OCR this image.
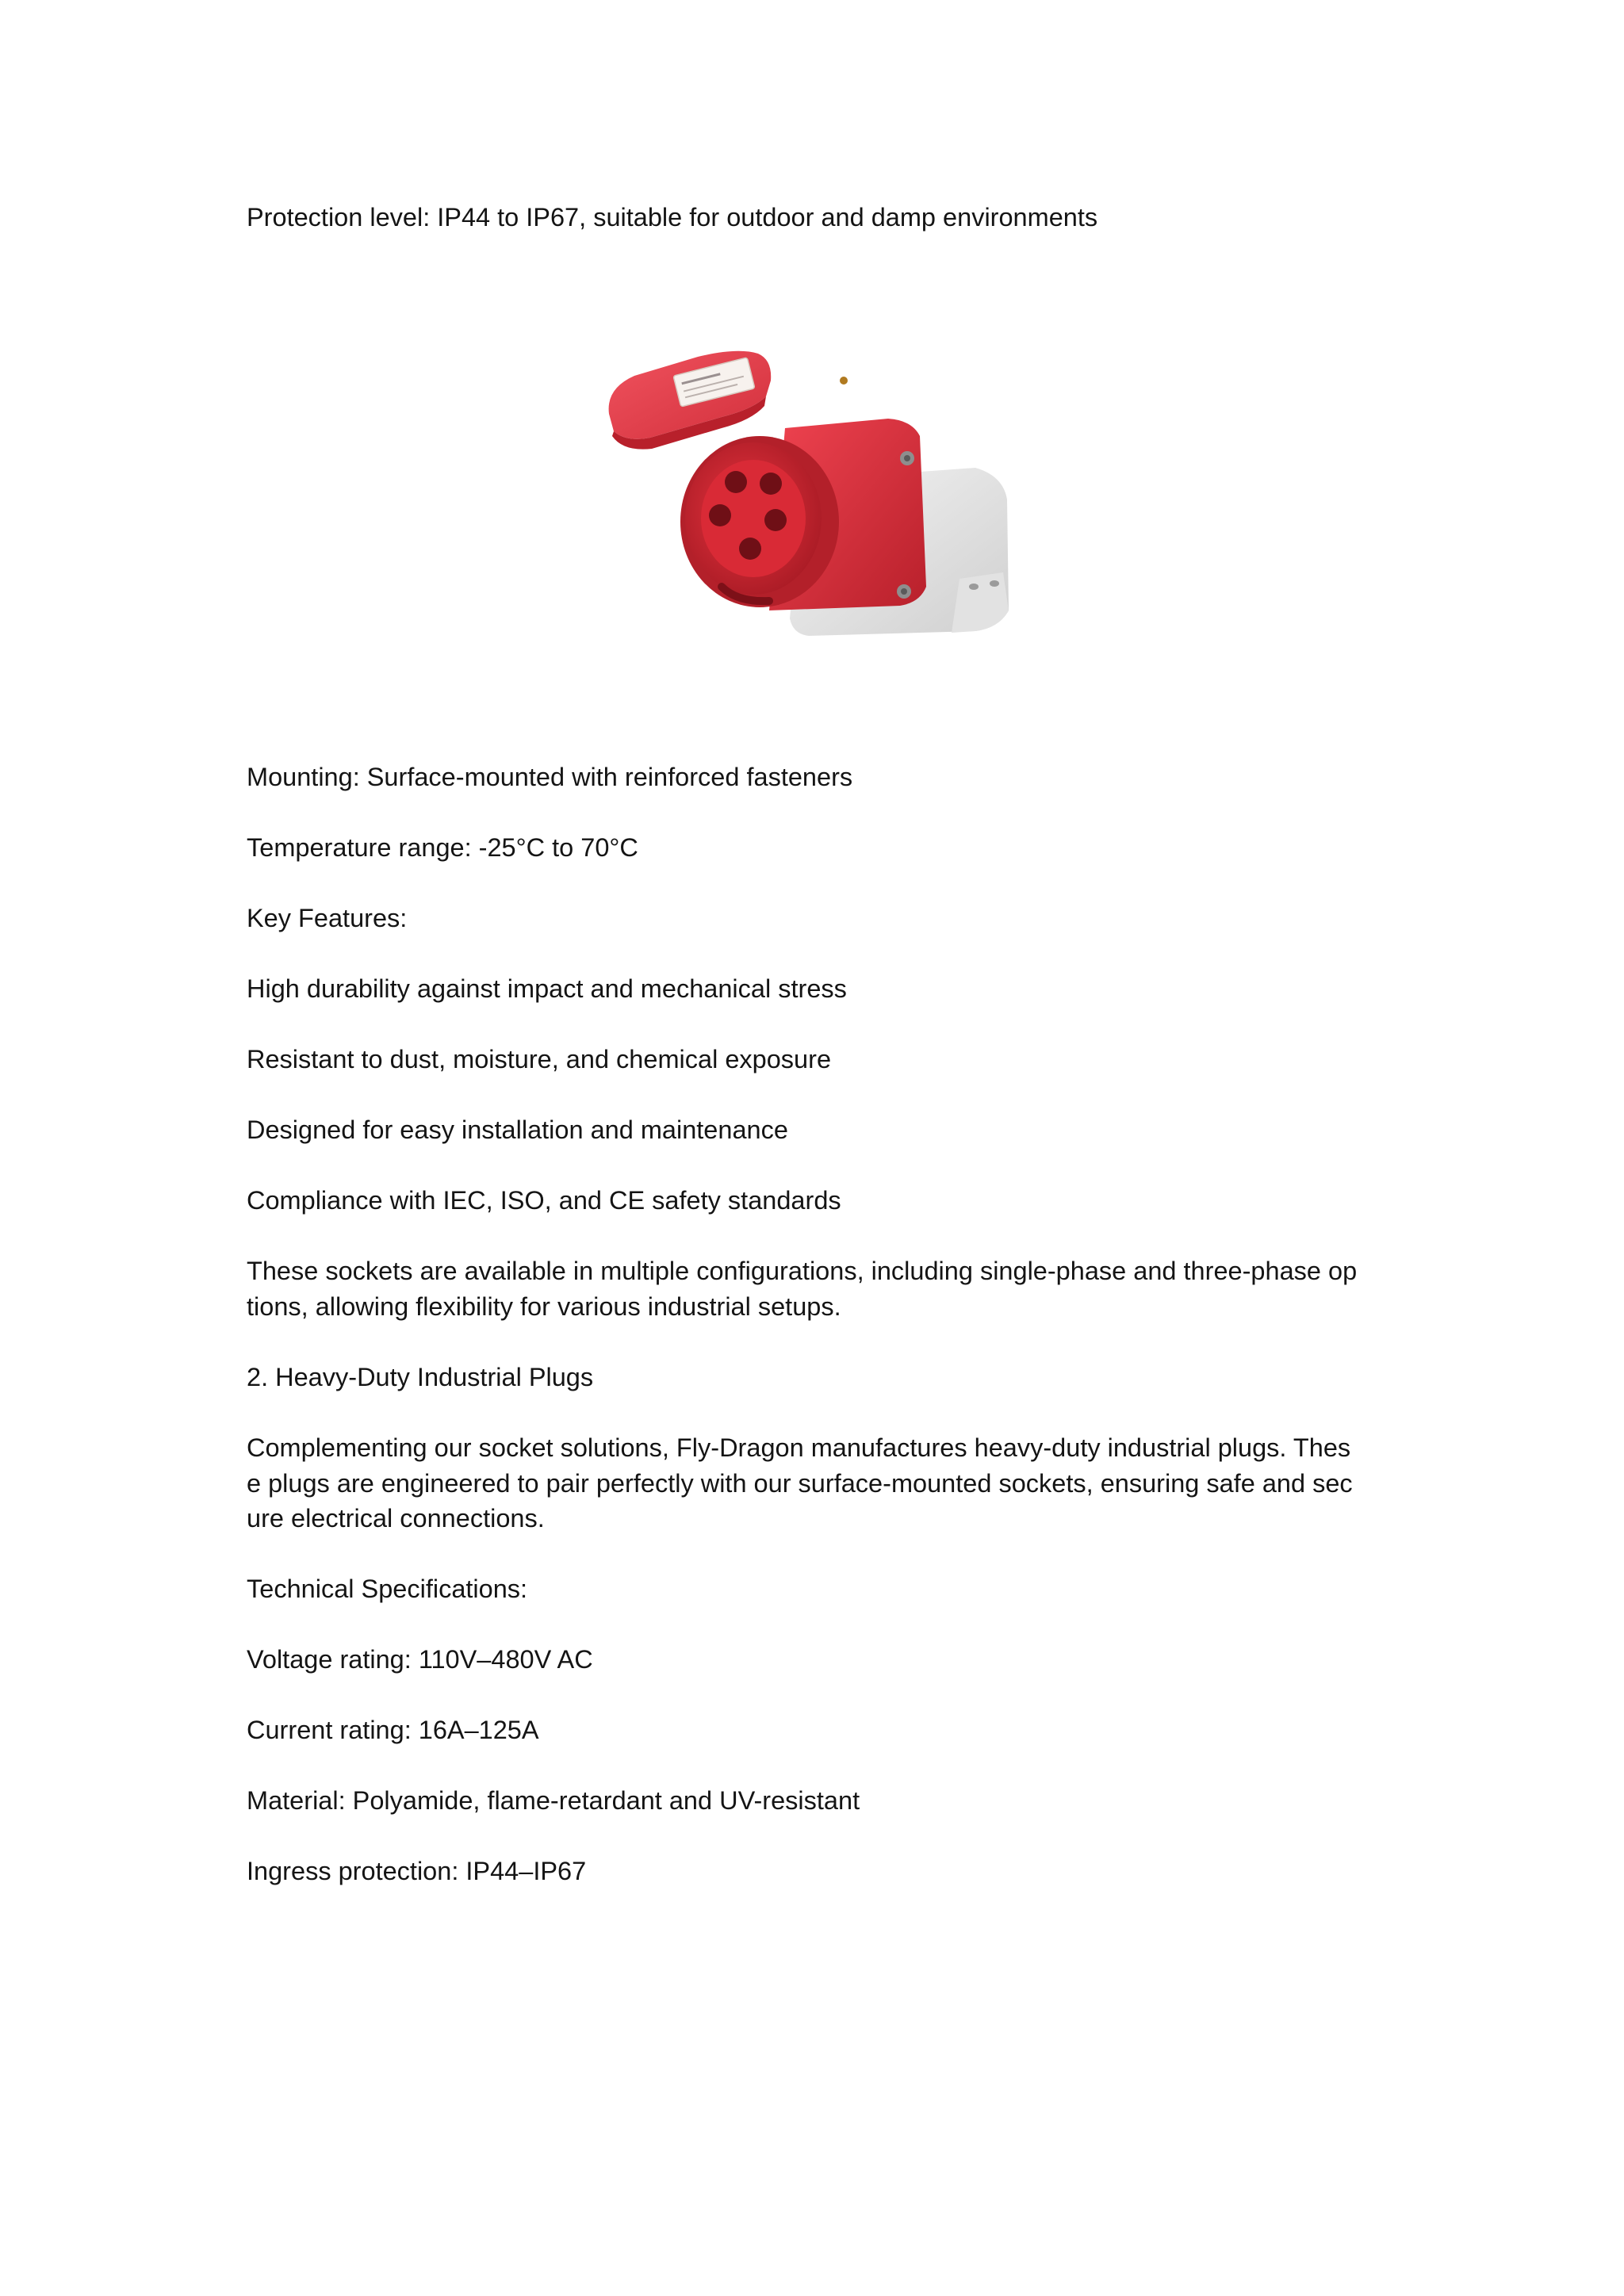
Protection level: IP44 to IP67, suitable for outdoor and damp environments

Mounting: Surface-mounted with reinforced fasteners

Temperature range: -25°C to 70°C

Key Features:

High durability against impact and mechanical stress

Resistant to dust, moisture, and chemical exposure

Designed for easy installation and maintenance

Compliance with IEC, ISO, and CE safety standards

These sockets are available in multiple configurations, including single-phase and three-phase op
tions, allowing flexibility for various industrial setups.

2. Heavy-Duty Industrial Plugs

Complementing our socket solutions, Fly-Dragon manufactures heavy-duty industrial plugs. Thes
e plugs are engineered to pair perfectly with our surface-mounted sockets, ensuring safe and sec
ure electrical connections.

Technical Specifications:

Voltage rating: 110V–480V AC

Current rating: 16A–125A

Material: Polyamide, flame-retardant and UV-resistant

Ingress protection: IP44–IP67
